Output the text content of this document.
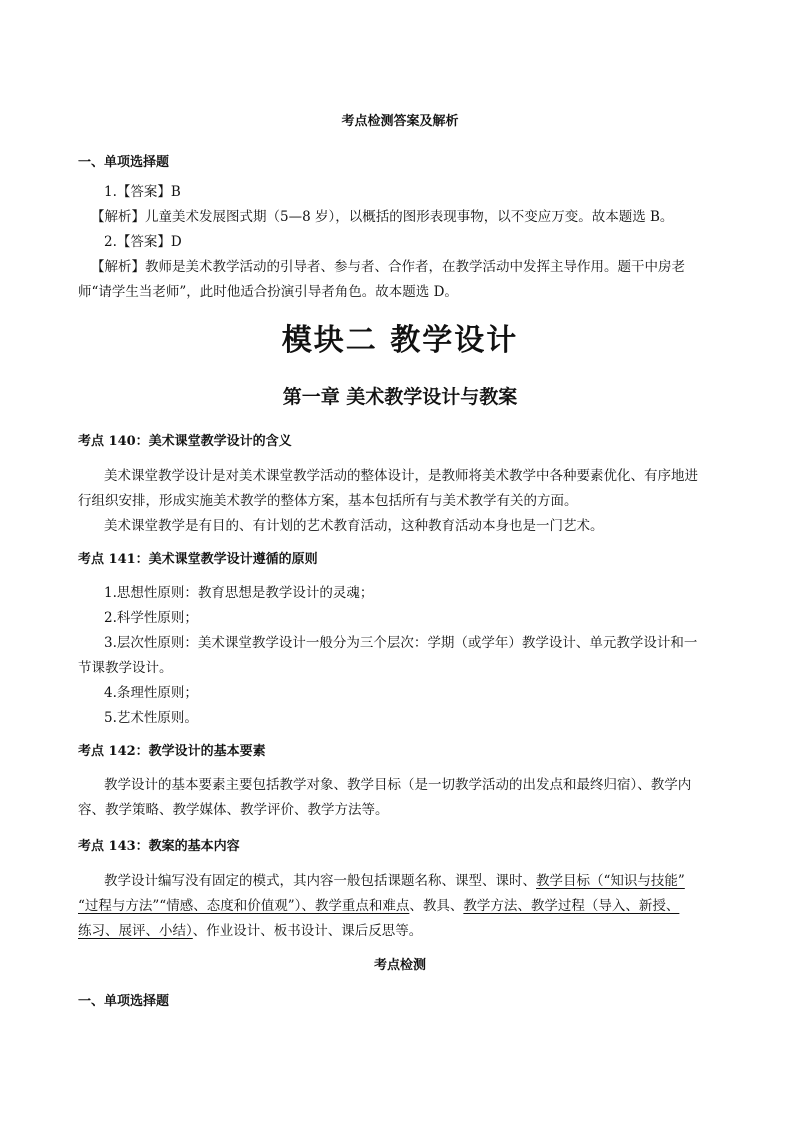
考点检测答案及解析
一、单项选择题
1.【答案】B
【解析】儿童美术发展图式期（5—8 岁），以概括的图形表现事物，以不变应万变。故本题选 B。
2.【答案】D
【解析】教师是美术教学活动的引导者、参与者、合作者，在教学活动中发挥主导作用。题干中房老
师“请学生当老师”，此时他适合扮演引导者角色。故本题选 D。
模块二 教学设计
第一章 美术教学设计与教案
考点 140：美术课堂教学设计的含义
美术课堂教学设计是对美术课堂教学活动的整体设计，是教师将美术教学中各种要素优化、有序地进
行组织安排，形成实施美术教学的整体方案，基本包括所有与美术教学有关的方面。
美术课堂教学是有目的、有计划的艺术教育活动，这种教育活动本身也是一门艺术。
考点 141：美术课堂教学设计遵循的原则
1.思想性原则：教育思想是教学设计的灵魂；
2.科学性原则；
3.层次性原则：美术课堂教学设计一般分为三个层次：学期（或学年）教学设计、单元教学设计和一
节课教学设计。
4.条理性原则；
5.艺术性原则。
考点 142：教学设计的基本要素
教学设计的基本要素主要包括教学对象、教学目标（是一切教学活动的出发点和最终归宿）、教学内
容、教学策略、教学媒体、教学评价、教学方法等。
考点 143：教案的基本内容
教学设计编写没有固定的模式，其内容一般包括课题名称、课型、课时、教学目标（“知识与技能”
“过程与方法”“情感、态度和价值观”）、教学重点和难点、教具、教学方法、教学过程（导入、新授、
练习、展评、小结）、作业设计、板书设计、课后反思等。
考点检测
一、单项选择题
